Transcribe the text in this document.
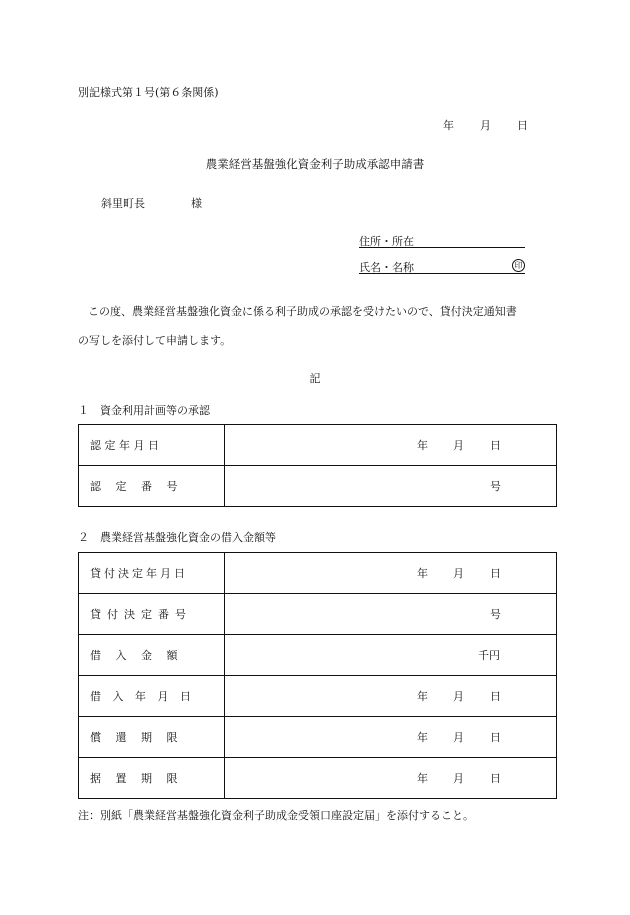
別記様式第１号(第６条関係)
年 月 日
農業経営基盤強化資金利子助成承認申請書
斜里町長	様
住所・所在
氏名・名称	印
この度、農業経営基盤強化資金に係る利子助成の承認を受けたいので、貸付決定通知書
の写しを添付して申請します。
記
１　資金利用計画等の承認
認 定 年 月 日	年 月 日

認　 定　 番　 号	号
２　農業経営基盤強化資金の借入金額等
貸付決定年月日	年 月 日

貸付決定番号	号

借　 入　 金　 額	千円

借 入 年 月 日	年 月 日

償　 還　 期　 限	年 月 日

据　 置　 期　 限	年 月 日
注：別紙「農業経営基盤強化資金利子助成金受領口座設定届」を添付すること。
